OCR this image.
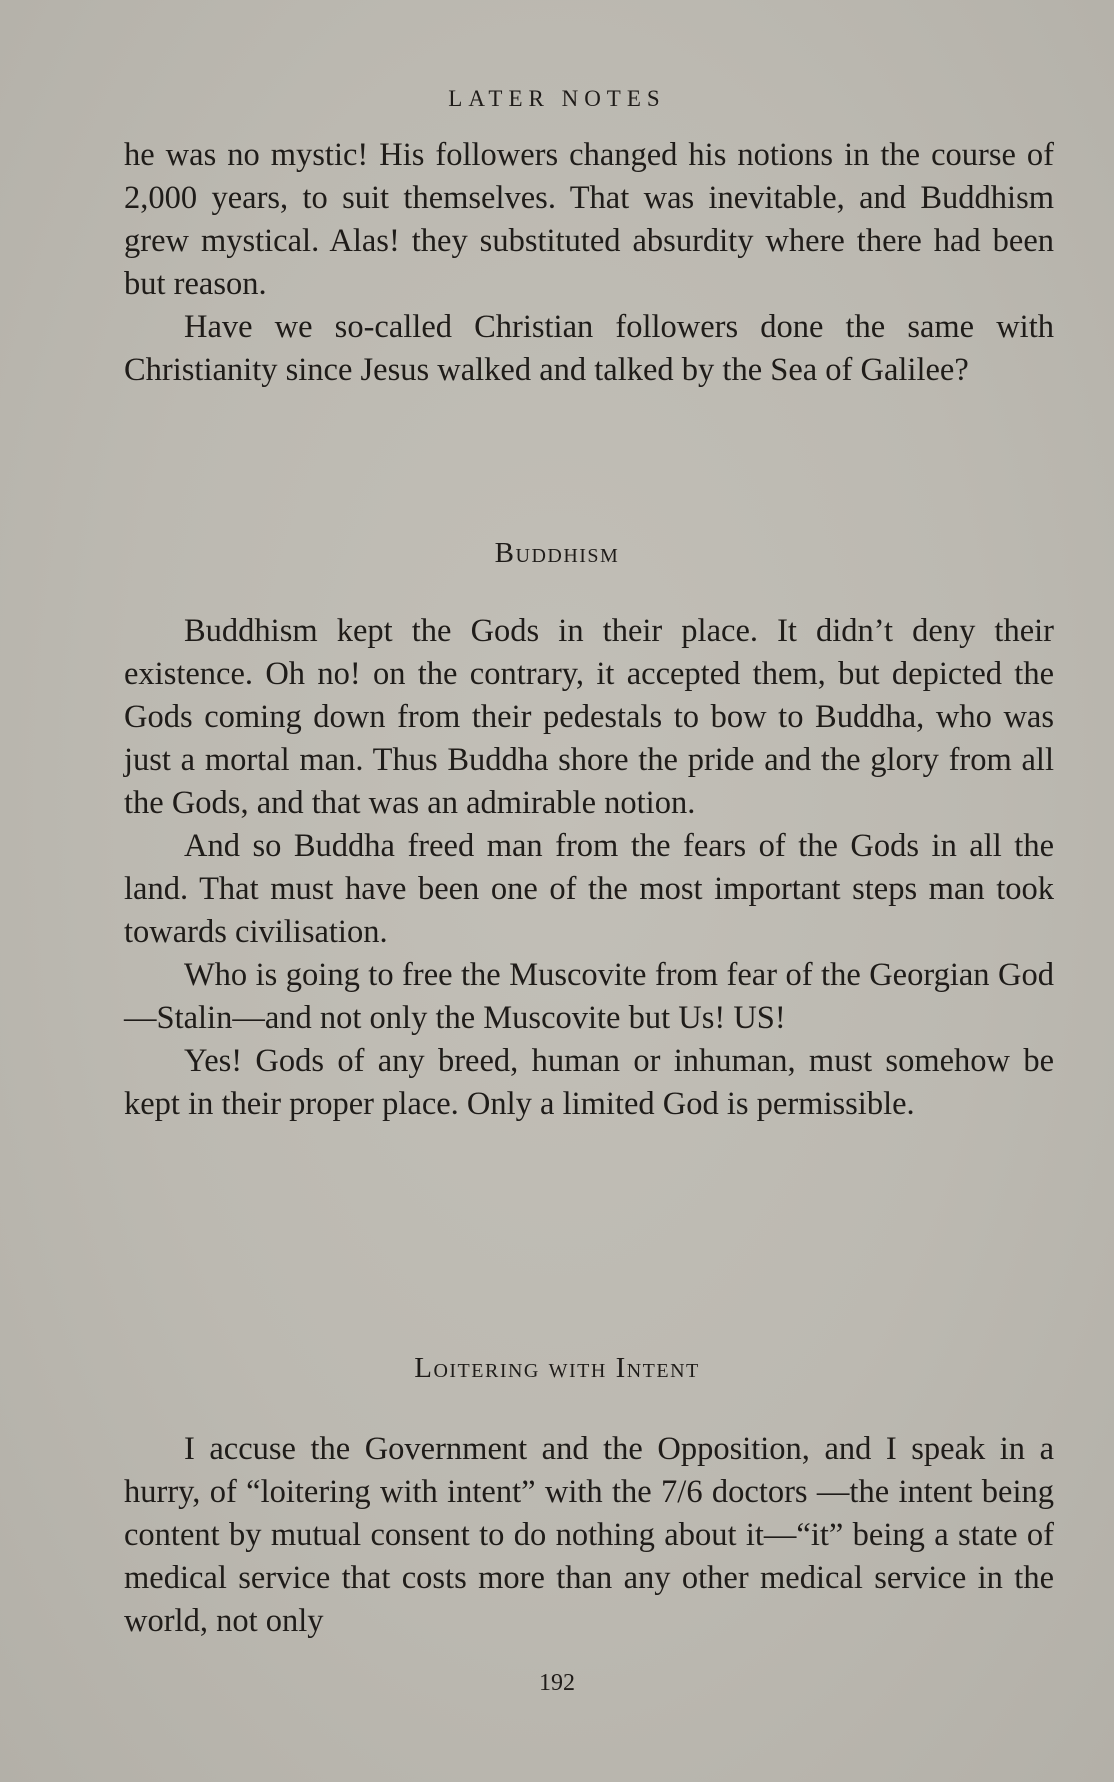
LATER NOTES

he was no mystic! His followers changed his notions in the course of 2,000 years, to suit themselves. That was inevitable, and Buddhism grew mystical. Alas! they substituted absurdity where there had been but reason.

Have we so-called Christian followers done the same with Christianity since Jesus walked and talked by the Sea of Galilee?

Buddhism

Buddhism kept the Gods in their place. It didn’t deny their existence. Oh no! on the contrary, it accepted them, but depicted the Gods coming down from their pedestals to bow to Buddha, who was just a mortal man. Thus Buddha shore the pride and the glory from all the Gods, and that was an admirable notion.

And so Buddha freed man from the fears of the Gods in all the land. That must have been one of the most important steps man took towards civilisation.

Who is going to free the Muscovite from fear of the Georgian God—Stalin—and not only the Muscovite but Us! US!

Yes! Gods of any breed, human or inhuman, must somehow be kept in their proper place. Only a limited God is permissible.

Loitering with Intent

I accuse the Government and the Opposition, and I speak in a hurry, of “loitering with intent” with the 7/6 doctors —the intent being content by mutual consent to do nothing about it—“it” being a state of medical service that costs more than any other medical service in the world, not only

192
